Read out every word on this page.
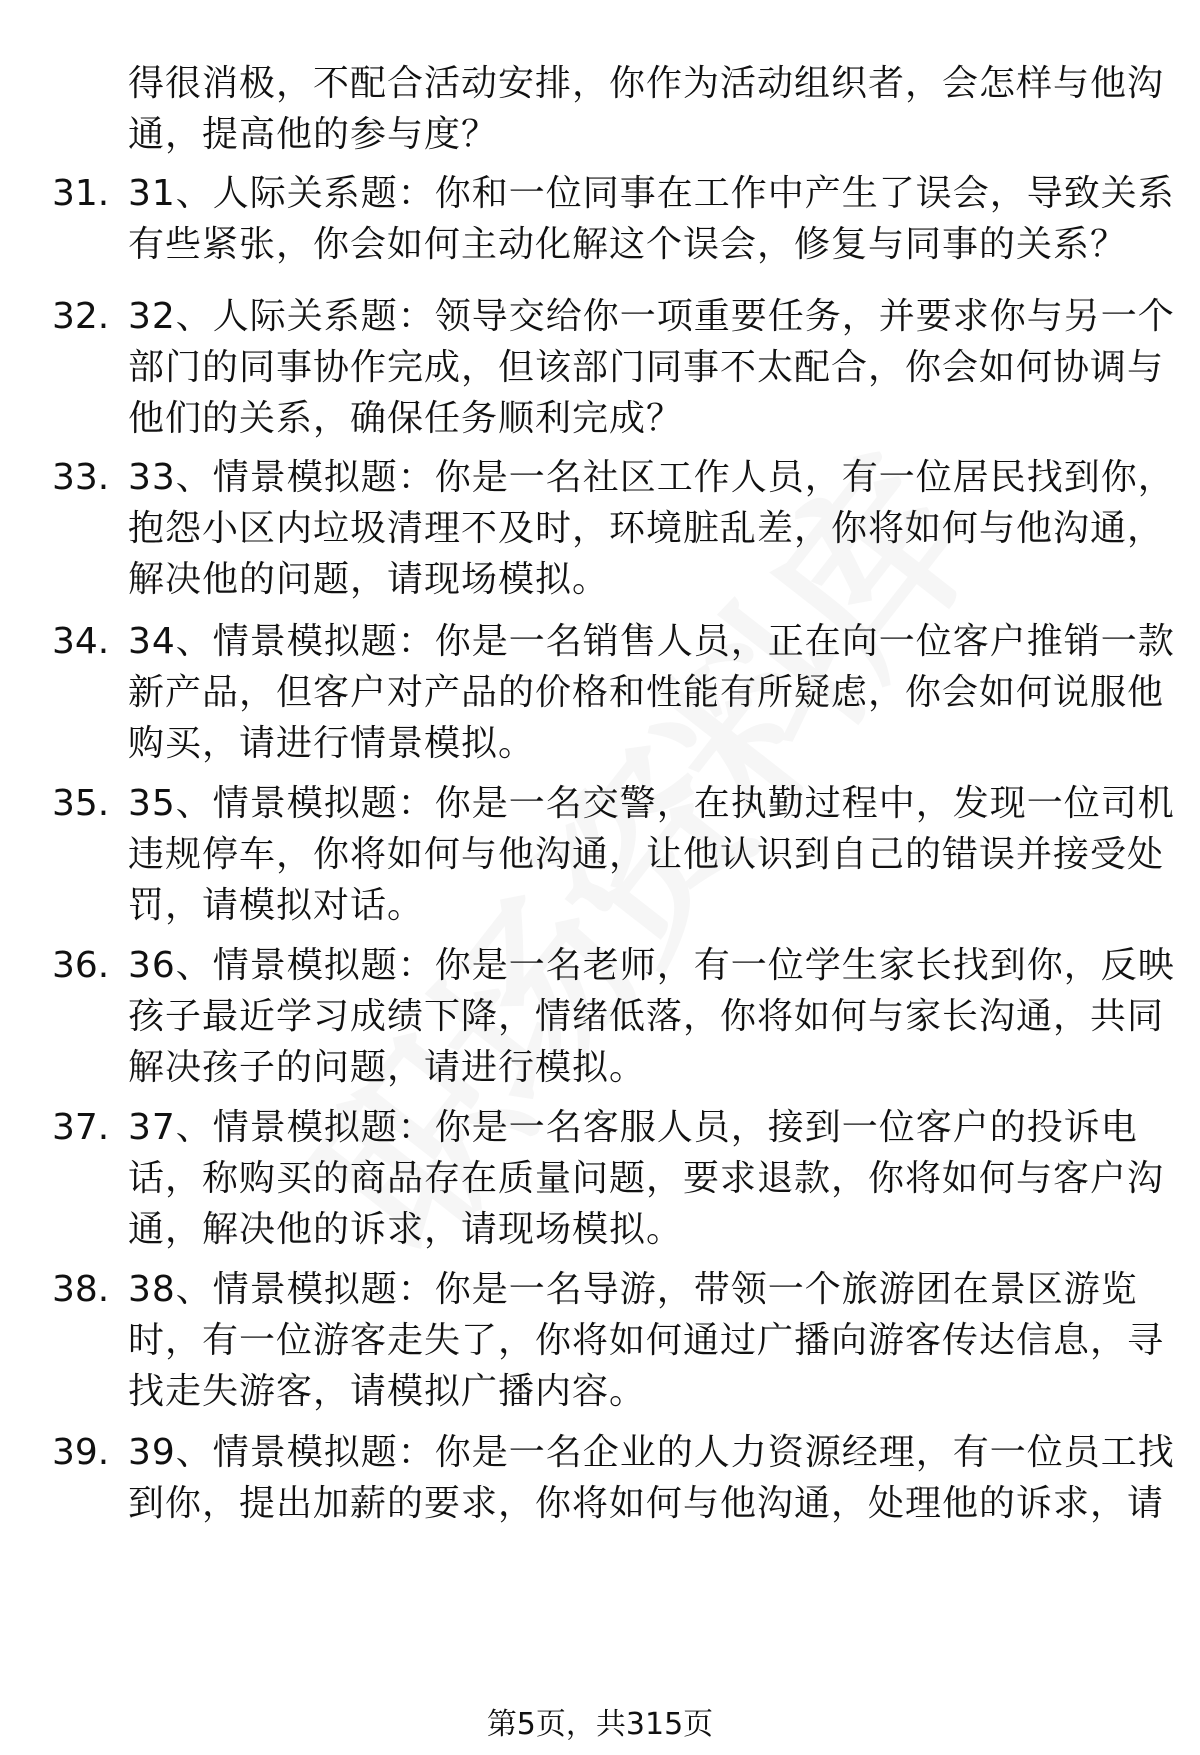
得很消极，不配合活动安排，你作为活动组织者，会怎样与他沟
通，提高他的参与度？
31. 31、人际关系题：你和一位同事在工作中产生了误会，导致关系
有些紧张，你会如何主动化解这个误会，修复与同事的关系？
32. 32、人际关系题：领导交给你一项重要任务，并要求你与另一个
部门的同事协作完成，但该部门同事不太配合，你会如何协调与
他们的关系，确保任务顺利完成？
33. 33、情景模拟题：你是一名社区工作人员，有一位居民找到你，
抱怨小区内垃圾清理不及时，环境脏乱差，你将如何与他沟通，
解决他的问题，请现场模拟。
34. 34、情景模拟题：你是一名销售人员，正在向一位客户推销一款
新产品，但客户对产品的价格和性能有所疑虑，你会如何说服他
购买，请进行情景模拟。
35. 35、情景模拟题：你是一名交警，在执勤过程中，发现一位司机
违规停车，你将如何与他沟通，让他认识到自己的错误并接受处
罚，请模拟对话。
36. 36、情景模拟题：你是一名老师，有一位学生家长找到你，反映
孩子最近学习成绩下降，情绪低落，你将如何与家长沟通，共同
解决孩子的问题，请进行模拟。
37. 37、情景模拟题：你是一名客服人员，接到一位客户的投诉电
话，称购买的商品存在质量问题，要求退款，你将如何与客户沟
通，解决他的诉求，请现场模拟。
38. 38、情景模拟题：你是一名导游，带领一个旅游团在景区游览
时，有一位游客走失了，你将如何通过广播向游客传达信息，寻
找走失游客，请模拟广播内容。
39. 39、情景模拟题：你是一名企业的人力资源经理，有一位员工找
到你，提出加薪的要求，你将如何与他沟通，处理他的诉求，请
第5页，共315页
